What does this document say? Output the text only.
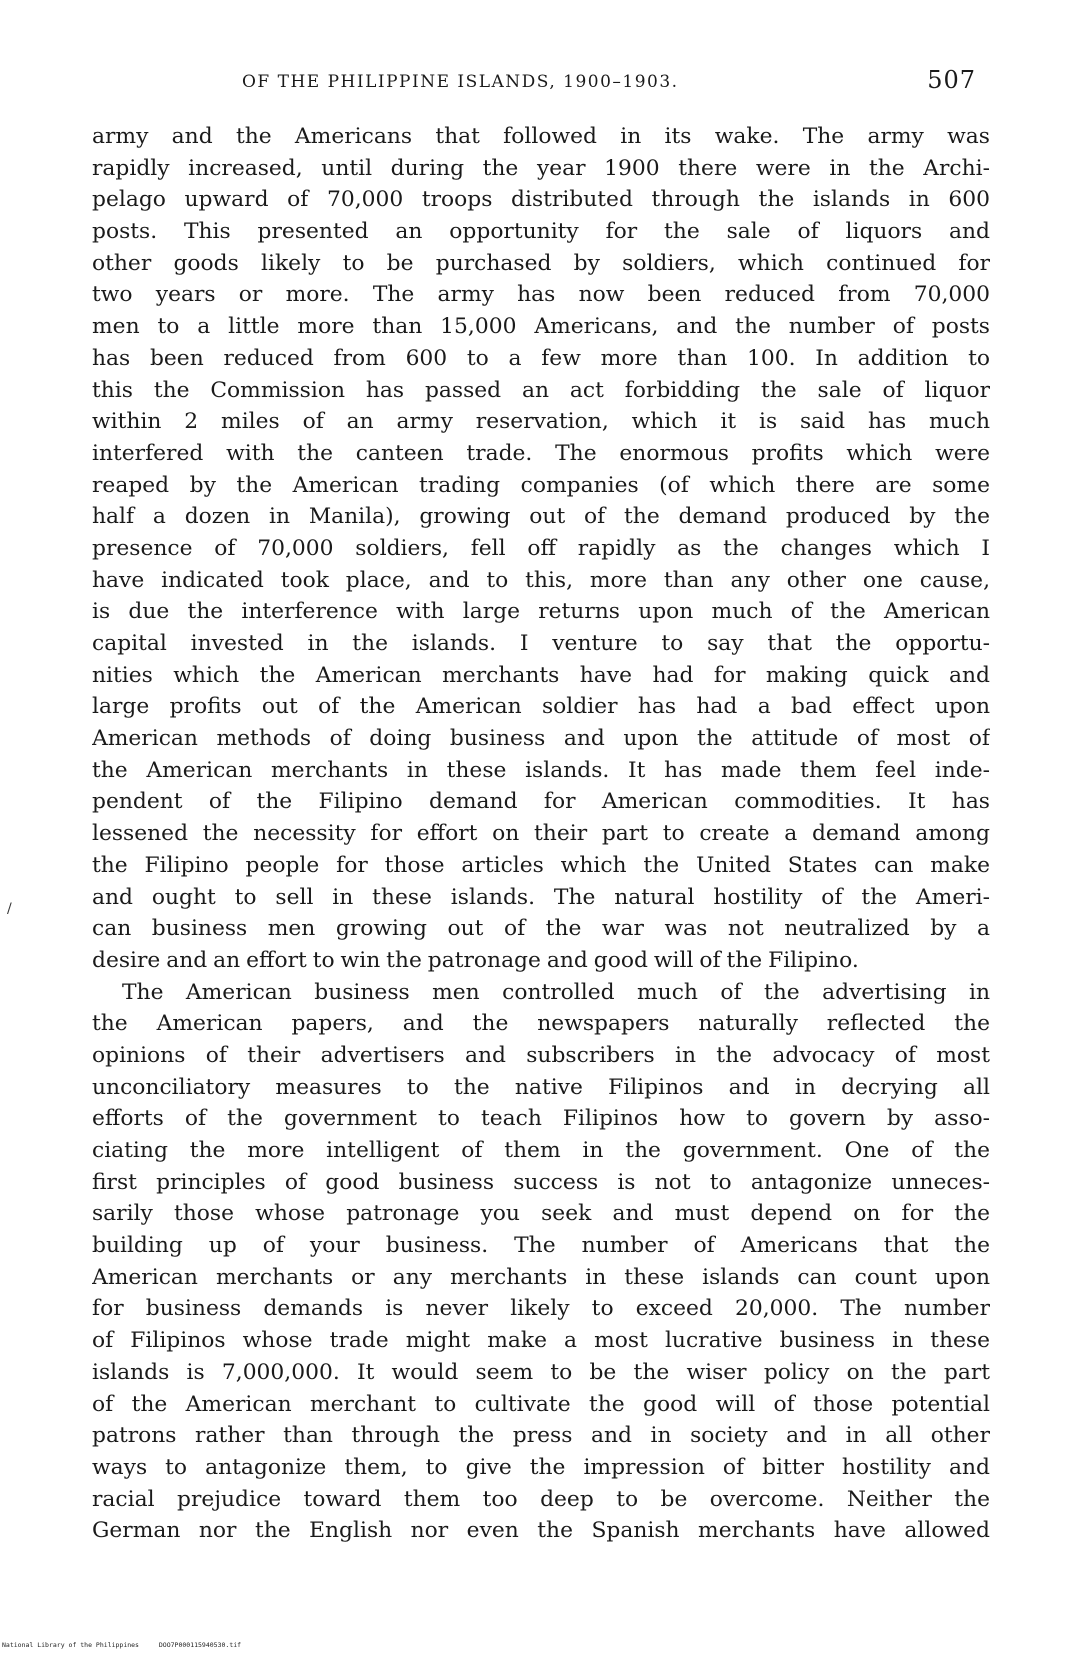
OF THE PHILIPPINE ISLANDS, 1900–1903.	507
army and the Americans that followed in its wake. The army was
rapidly increased, until during the year 1900 there were in the Archi-
pelago upward of 70,000 troops distributed through the islands in 600
posts. This presented an opportunity for the sale of liquors and
other goods likely to be purchased by soldiers, which continued for
two years or more. The army has now been reduced from 70,000
men to a little more than 15,000 Americans, and the number of posts
has been reduced from 600 to a few more than 100. In addition to
this the Commission has passed an act forbidding the sale of liquor
within 2 miles of an army reservation, which it is said has much
interfered with the canteen trade. The enormous profits which were
reaped by the American trading companies (of which there are some
half a dozen in Manila), growing out of the demand produced by the
presence of 70,000 soldiers, fell off rapidly as the changes which I
have indicated took place, and to this, more than any other one cause,
is due the interference with large returns upon much of the American
capital invested in the islands. I venture to say that the opportu-
nities which the American merchants have had for making quick and
large profits out of the American soldier has had a bad effect upon
American methods of doing business and upon the attitude of most of
the American merchants in these islands. It has made them feel inde-
pendent of the Filipino demand for American commodities. It has
lessened the necessity for effort on their part to create a demand among
the Filipino people for those articles which the United States can make
and ought to sell in these islands. The natural hostility of the Ameri-
can business men growing out of the war was not neutralized by a
desire and an effort to win the patronage and good will of the Filipino.
The American business men controlled much of the advertising in
the American papers, and the newspapers naturally reflected the
opinions of their advertisers and subscribers in the advocacy of most
unconciliatory measures to the native Filipinos and in decrying all
efforts of the government to teach Filipinos how to govern by asso-
ciating the more intelligent of them in the government. One of the
first principles of good business success is not to antagonize unneces-
sarily those whose patronage you seek and must depend on for the
building up of your business. The number of Americans that the
American merchants or any merchants in these islands can count upon
for business demands is never likely to exceed 20,000. The number
of Filipinos whose trade might make a most lucrative business in these
islands is 7,000,000. It would seem to be the wiser policy on the part
of the American merchant to cultivate the good will of those potential
patrons rather than through the press and in society and in all other
ways to antagonize them, to give the impression of bitter hostility and
racial prejudice toward them too deep to be overcome. Neither the
German nor the English nor even the Spanish merchants have allowed
/
National Library of the Philippines	DOO7P000115940530.tif
